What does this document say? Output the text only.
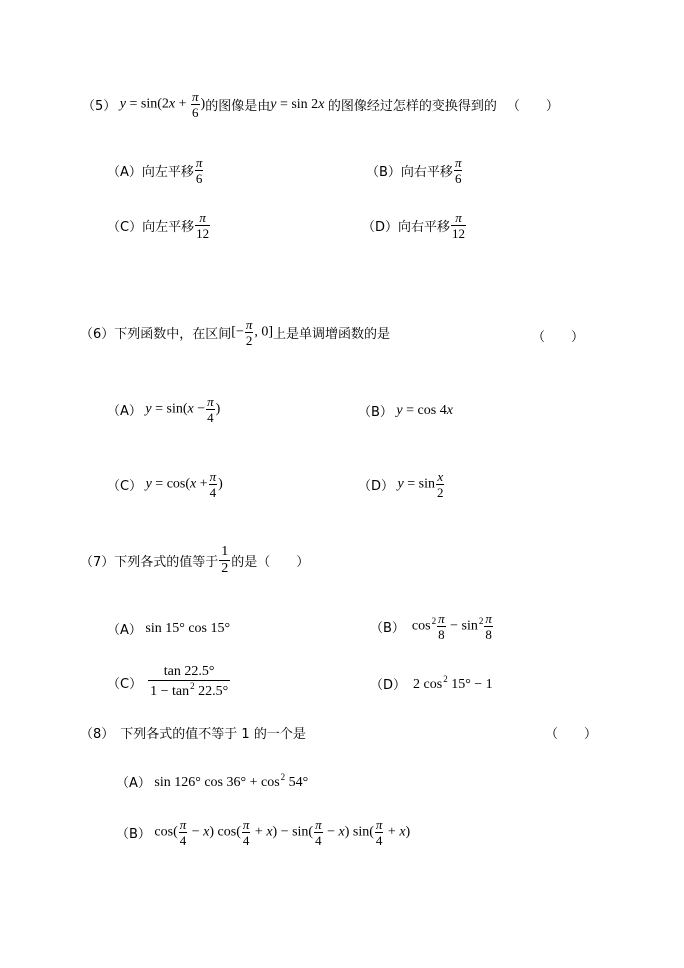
（5） $y = \sin(2x + \frac{\pi}{6}$ ) 的图像是由 y = sin 2x 的图像经过怎样的变换得到的 （　　）
（A） 向左平移 $\frac{\pi}{6}$	（B） 向右平移 $\frac{\pi}{6}$
（C） 向左平移 $\frac{\pi}{12}$	（D） 向右平移 $\frac{\pi}{12}$
（6） 下列函数中，在区间 [− $\frac{\pi}{2}$ , 0] 上是单调增函数的是	（　　）
（A） $y = \sin(x - \frac{\pi}{4}$ )	（B） y = cos 4x
（C） $y = \cos(x + \frac{\pi}{4}$ )	（D） $y = \sin \frac{x}{2}$
（7） 下列各式的值等于 $\frac{1}{2}$ 的是（　　）
（A） sin 15° cos 15°	（B） $\cos^2 \frac{\pi}{8} - \sin^2 \frac{\pi}{8}$
$(C) \frac{\tan 22.5^\circ}{1 - \tan^2 22.5^\circ}$	（D） 2 $\cos^2 15^\circ - 1$
（8） 下列各式的值不等于 1 的一个是	（　　）
（A） sin 126° $\cos 36^\circ + \cos^2 54^\circ$
（B） $\cos( \frac{\pi}{4} - x)$ $\cos( \frac{\pi}{4} + x) - \sin( \frac{\pi}{4} - x)$ $\sin( \frac{\pi}{4} + x)$
